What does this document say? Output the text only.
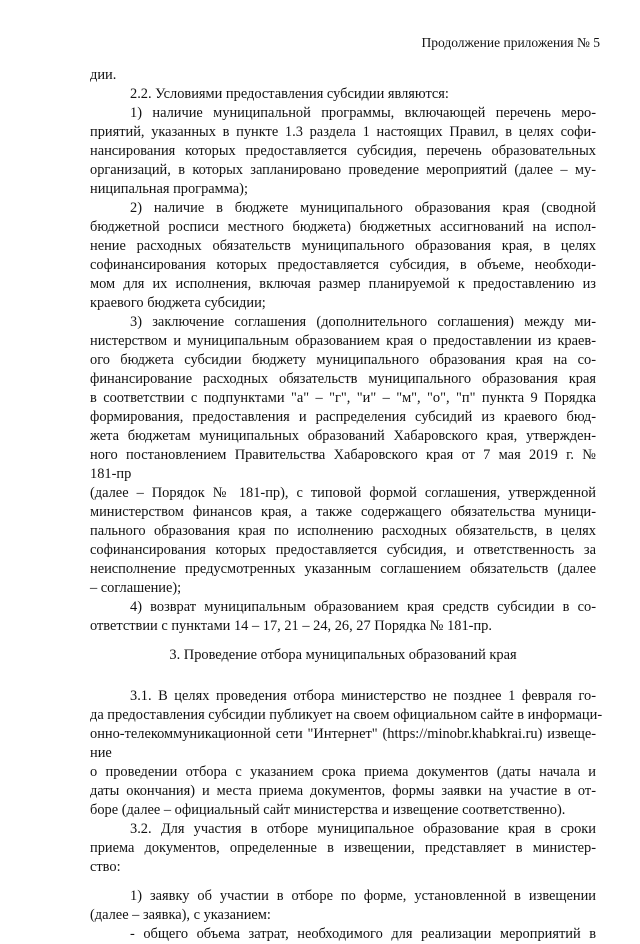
Продолжение приложения № 5
дии.
2.2. Условиями предоставления субсидии являются:
1) наличие муниципальной программы, включающей перечень меро-
приятий, указанных в пункте 1.3 раздела 1 настоящих Правил, в целях софи-
нансирования которых предоставляется субсидия, перечень образовательных
организаций, в которых запланировано проведение мероприятий (далее – му-
ниципальная программа);
2) наличие в бюджете муниципального образования края (сводной
бюджетной росписи местного бюджета) бюджетных ассигнований на испол-
нение расходных обязательств муниципального образования края, в целях
софинансирования которых предоставляется субсидия, в объеме, необходи-
мом для их исполнения, включая размер планируемой к предоставлению из
краевого бюджета субсидии;
3) заключение соглашения (дополнительного соглашения) между ми-
нистерством и муниципальным образованием края о предоставлении из краев-
ого бюджета субсидии бюджету муниципального образования края на со-
финансирование расходных обязательств муниципального образования края
в соответствии с подпунктами "а" – "г", "и" – "м", "о", "п" пункта 9 Порядка
формирования, предоставления и распределения субсидий из краевого бюд-
жета бюджетам муниципальных образований Хабаровского края, утвержден-
ного постановлением Правительства Хабаровского края от 7 мая 2019 г. №
181-пр
(далее – Порядок № 181-пр), с типовой формой соглашения, утвержденной
министерством финансов края, а также содержащего обязательства муници-
пального образования края по исполнению расходных обязательств, в целях
софинансирования которых предоставляется субсидия, и ответственность за
неисполнение предусмотренных указанным соглашением обязательств (далее
– соглашение);
4) возврат муниципальным образованием края средств субсидии в со-
ответствии с пунктами 14 – 17, 21 – 24, 26, 27 Порядка № 181-пр.
3. Проведение отбора муниципальных образований края
3.1. В целях проведения отбора министерство не позднее 1 февраля го-
да предоставления субсидии публикует на своем официальном сайте в информаци-
онно-телекоммуникационной сети "Интернет" (https://minobr.khabkrai.ru) извеще-
ние
о проведении отбора с указанием срока приема документов (даты начала и
даты окончания) и места приема документов, формы заявки на участие в от-
боре (далее – официальный сайт министерства и извещение соответственно).
3.2. Для участия в отборе муниципальное образование края в сроки
приема документов, определенные в извещении, представляет в министер-
ство:
1) заявку об участии в отборе по форме, установленной в извещении
(далее – заявка), с указанием:
- общего объема затрат, необходимого для реализации мероприятий в
